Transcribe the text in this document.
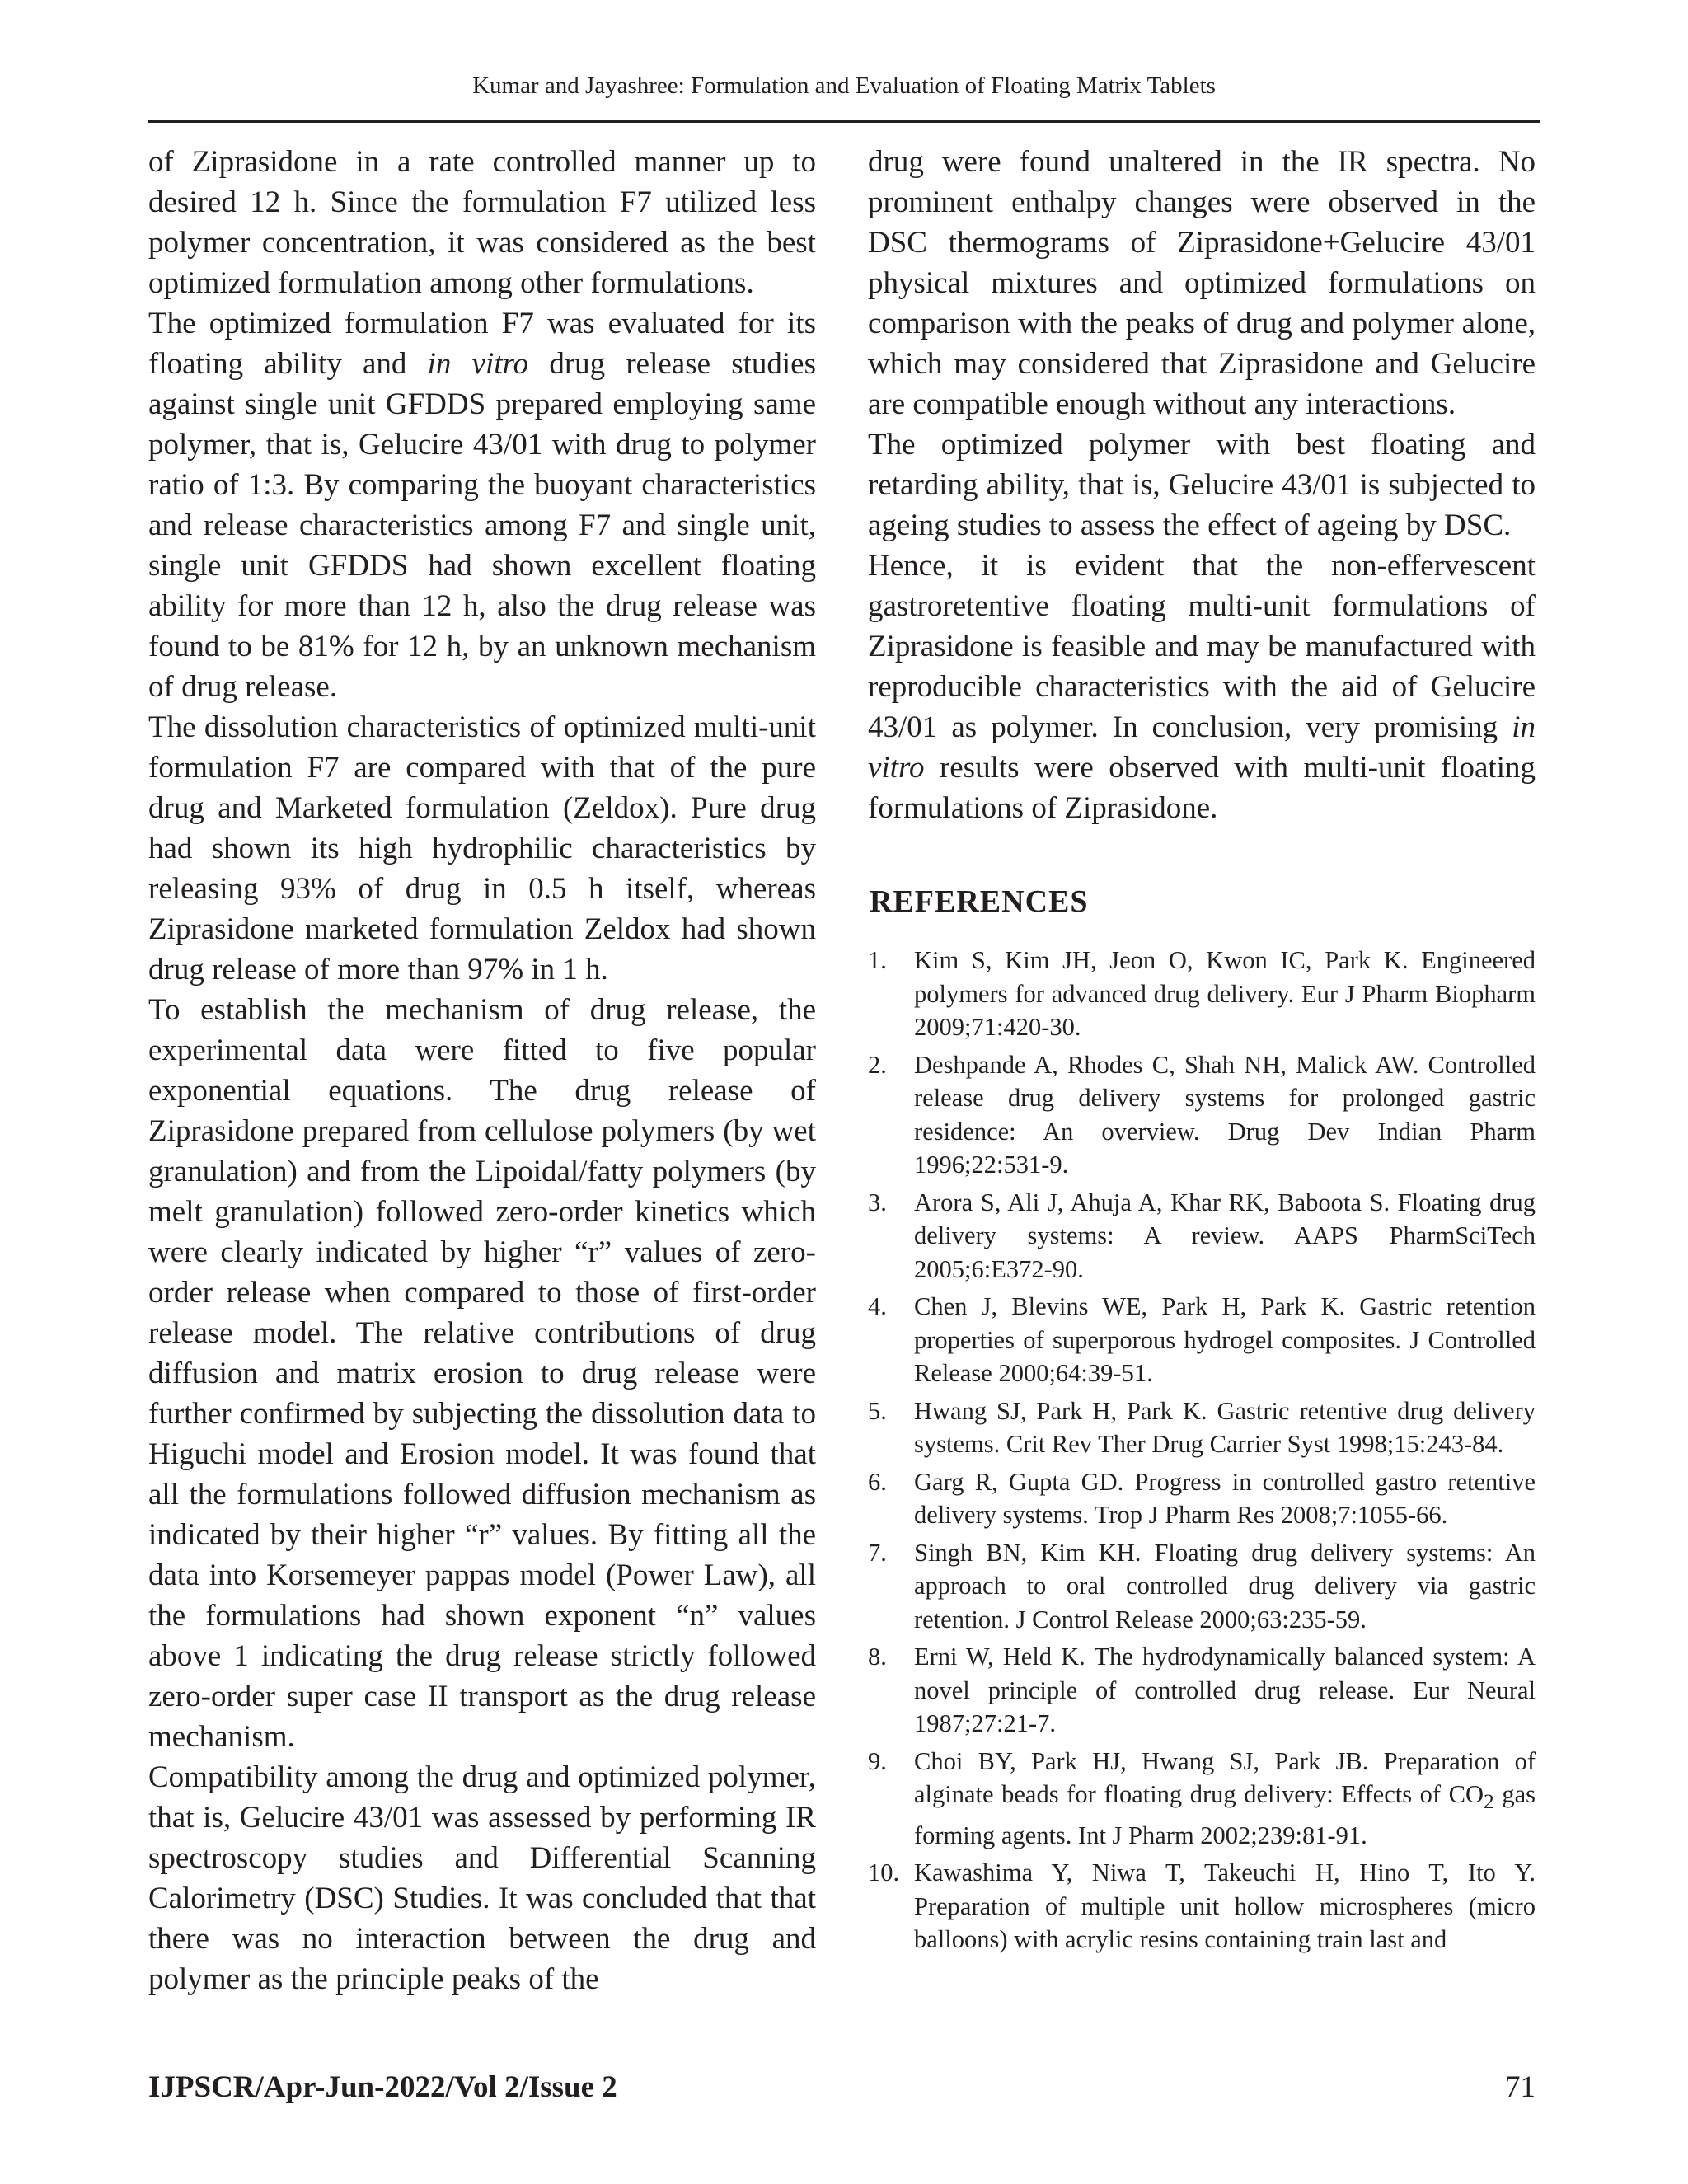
Kumar and Jayashree: Formulation and Evaluation of Floating Matrix Tablets

of Ziprasidone in a rate controlled manner up to desired 12 h. Since the formulation F7 utilized less polymer concentration, it was considered as the best optimized formulation among other formulations.

The optimized formulation F7 was evaluated for its floating ability and in vitro drug release studies against single unit GFDDS prepared employing same polymer, that is, Gelucire 43/01 with drug to polymer ratio of 1:3. By comparing the buoyant characteristics and release characteristics among F7 and single unit, single unit GFDDS had shown excellent floating ability for more than 12 h, also the drug release was found to be 81% for 12 h, by an unknown mechanism of drug release.

The dissolution characteristics of optimized multi-unit formulation F7 are compared with that of the pure drug and Marketed formulation (Zeldox). Pure drug had shown its high hydrophilic characteristics by releasing 93% of drug in 0.5 h itself, whereas Ziprasidone marketed formulation Zeldox had shown drug release of more than 97% in 1 h.

To establish the mechanism of drug release, the experimental data were fitted to five popular exponential equations. The drug release of Ziprasidone prepared from cellulose polymers (by wet granulation) and from the Lipoidal/fatty polymers (by melt granulation) followed zero-order kinetics which were clearly indicated by higher “r” values of zero-order release when compared to those of first-order release model. The relative contributions of drug diffusion and matrix erosion to drug release were further confirmed by subjecting the dissolution data to Higuchi model and Erosion model. It was found that all the formulations followed diffusion mechanism as indicated by their higher “r” values. By fitting all the data into Korsemeyer pappas model (Power Law), all the formulations had shown exponent “n” values above 1 indicating the drug release strictly followed zero-order super case II transport as the drug release mechanism.

Compatibility among the drug and optimized polymer, that is, Gelucire 43/01 was assessed by performing IR spectroscopy studies and Differential Scanning Calorimetry (DSC) Studies. It was concluded that that there was no interaction between the drug and polymer as the principle peaks of the

drug were found unaltered in the IR spectra. No prominent enthalpy changes were observed in the DSC thermograms of Ziprasidone+Gelucire 43/01 physical mixtures and optimized formulations on comparison with the peaks of drug and polymer alone, which may considered that Ziprasidone and Gelucire are compatible enough without any interactions.

The optimized polymer with best floating and retarding ability, that is, Gelucire 43/01 is subjected to ageing studies to assess the effect of ageing by DSC.

Hence, it is evident that the non-effervescent gastroretentive floating multi-unit formulations of Ziprasidone is feasible and may be manufactured with reproducible characteristics with the aid of Gelucire 43/01 as polymer. In conclusion, very promising in vitro results were observed with multi-unit floating formulations of Ziprasidone.

REFERENCES
1.	Kim S, Kim JH, Jeon O, Kwon IC, Park K. Engineered polymers for advanced drug delivery. Eur J Pharm Biopharm 2009;71:420-30.
2.	Deshpande A, Rhodes C, Shah NH, Malick AW. Controlled release drug delivery systems for prolonged gastric residence: An overview. Drug Dev Indian Pharm 1996;22:531-9.
3.	Arora S, Ali J, Ahuja A, Khar RK, Baboota S. Floating drug delivery systems: A review. AAPS PharmSciTech 2005;6:E372-90.
4.	Chen J, Blevins WE, Park H, Park K. Gastric retention properties of superporous hydrogel composites. J Controlled Release 2000;64:39-51.
5.	Hwang SJ, Park H, Park K. Gastric retentive drug delivery systems. Crit Rev Ther Drug Carrier Syst 1998;15:243-84.
6.	Garg R, Gupta GD. Progress in controlled gastro retentive delivery systems. Trop J Pharm Res 2008;7:1055-66.
7.	Singh BN, Kim KH. Floating drug delivery systems: An approach to oral controlled drug delivery via gastric retention. J Control Release 2000;63:235-59.
8.	Erni W, Held K. The hydrodynamically balanced system: A novel principle of controlled drug release. Eur Neural 1987;27:21-7.
9.	Choi BY, Park HJ, Hwang SJ, Park JB. Preparation of alginate beads for floating drug delivery: Effects of $CO_2$ gas forming agents. Int J Pharm 2002;239:81-91.
10. Kawashima Y, Niwa T, Takeuchi H, Hino T, Ito Y. Preparation of multiple unit hollow microspheres (micro balloons) with acrylic resins containing train last and
IJPSCR/Apr-Jun-2022/Vol 2/Issue 2	71
